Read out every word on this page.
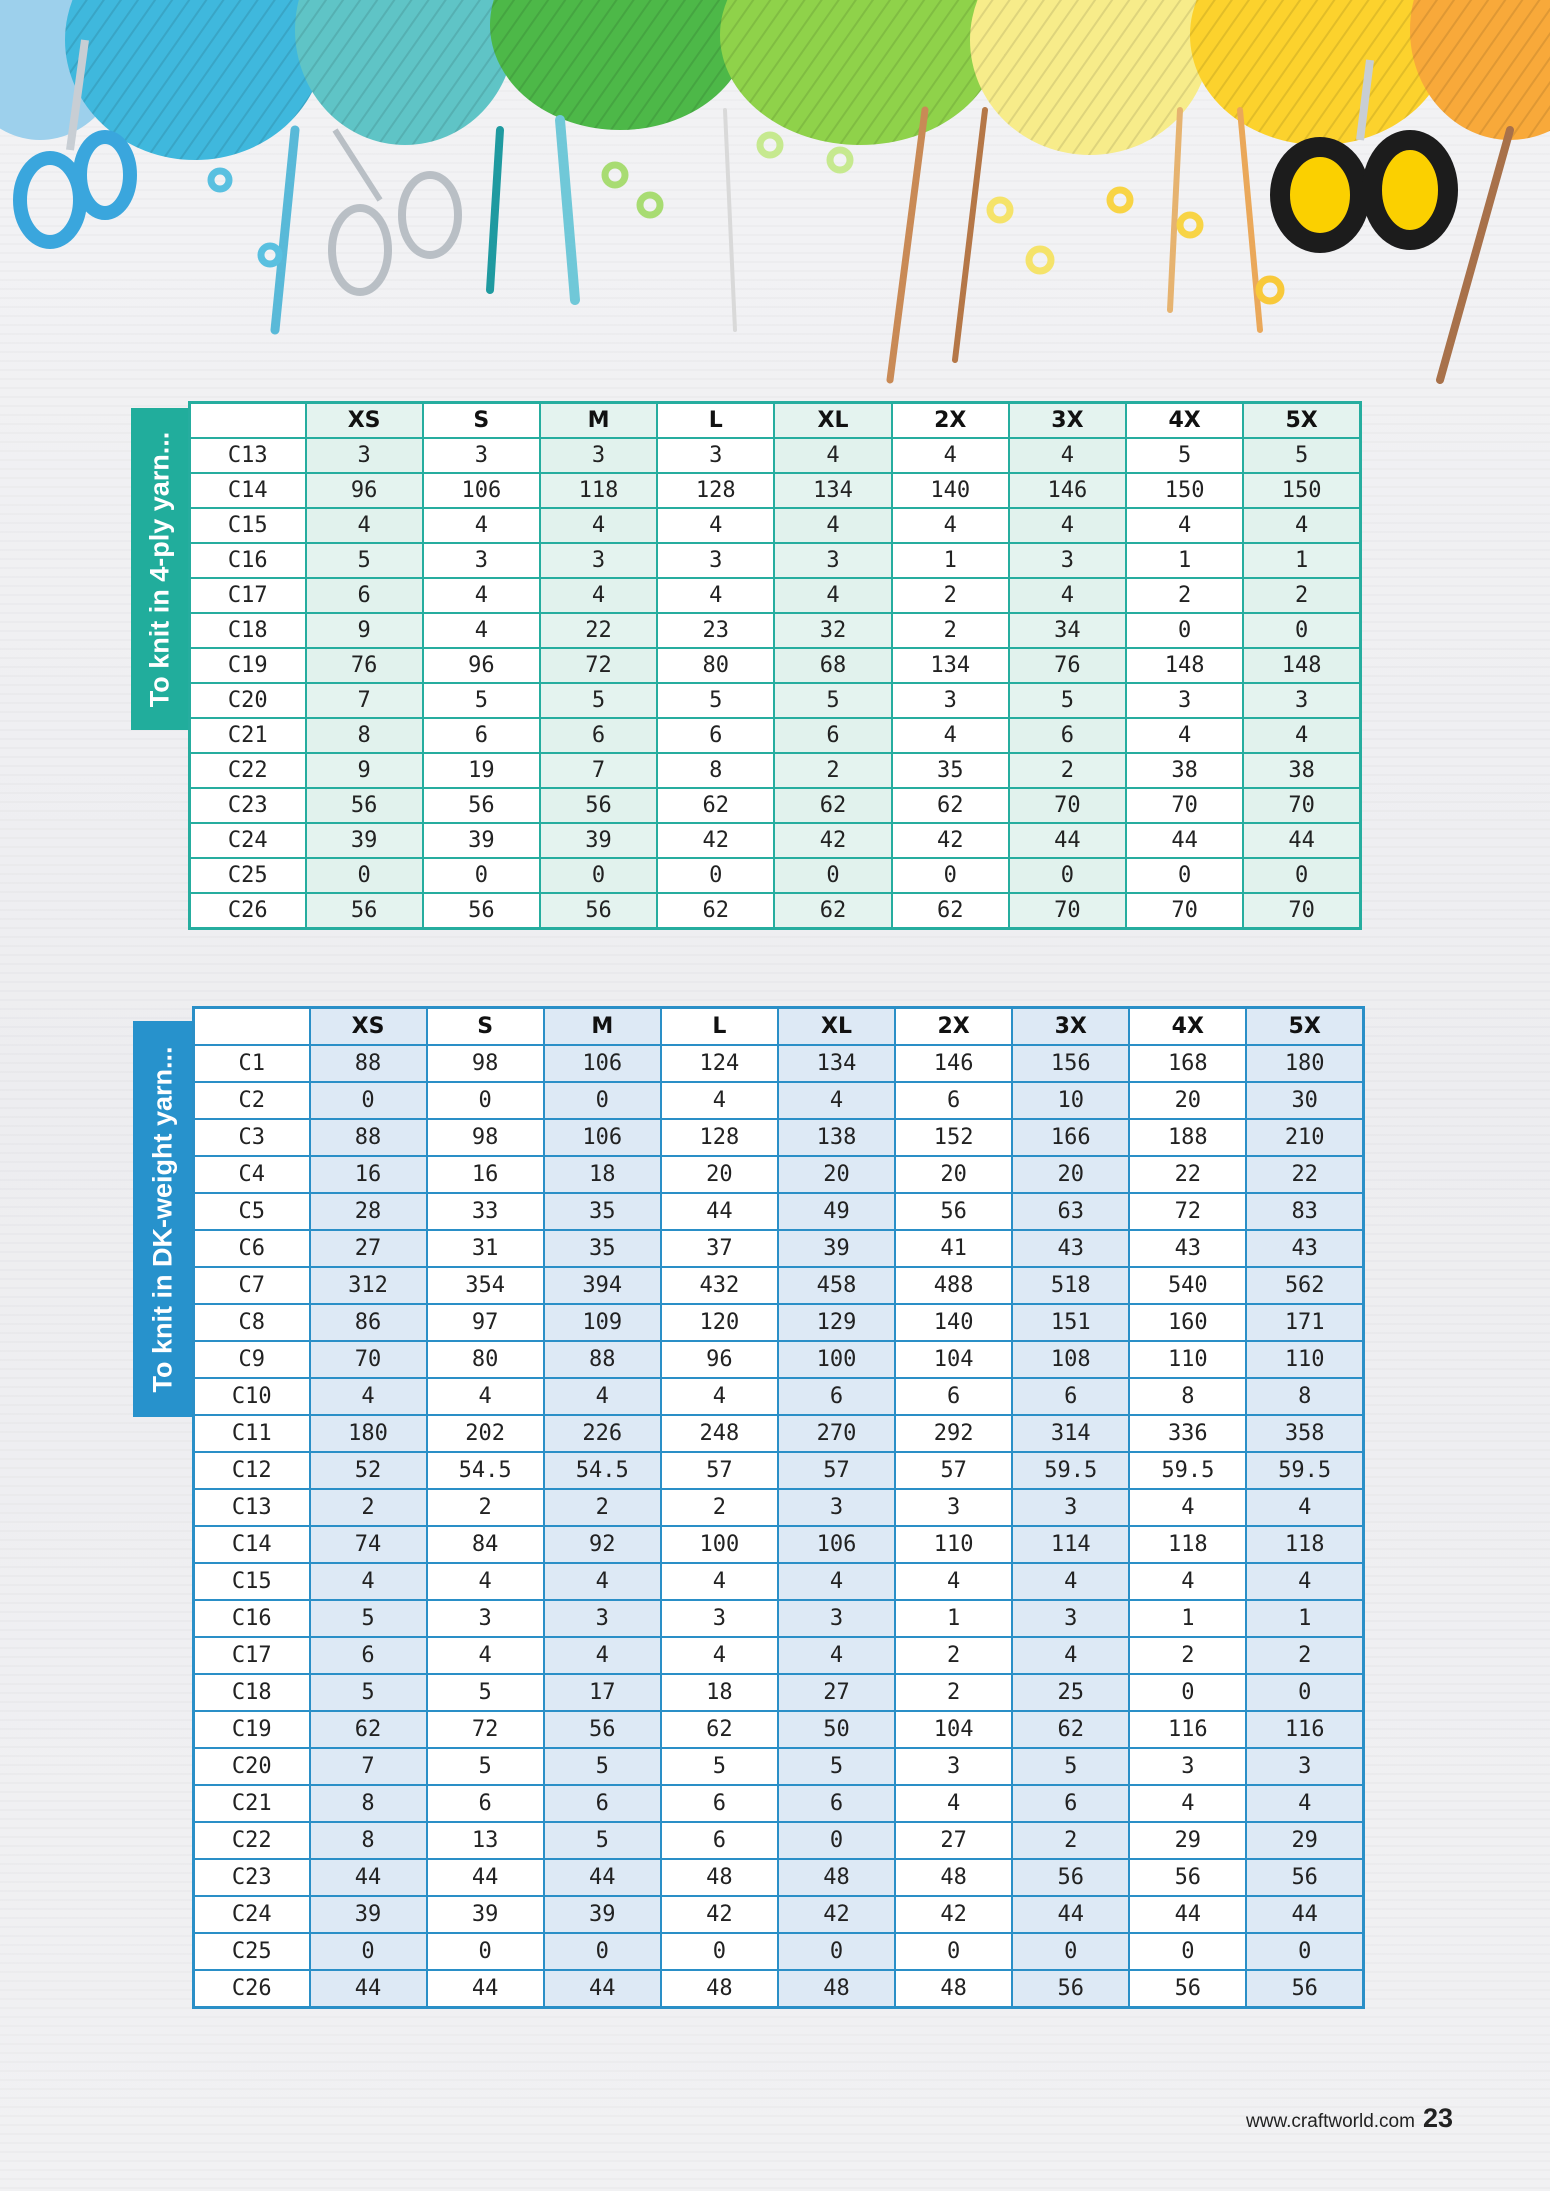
To knit in 4-ply yarn...
To knit in DK-weight yarn...
	XS	S	M	L	XL	2X	3X	4X	5X
C13	3	3	3	3	4	4	4	5	5
C14	96	106	118	128	134	140	146	150	150
C15	4	4	4	4	4	4	4	4	4
C16	5	3	3	3	3	1	3	1	1
C17	6	4	4	4	4	2	4	2	2
C18	9	4	22	23	32	2	34	0	0
C19	76	96	72	80	68	134	76	148	148
C20	7	5	5	5	5	3	5	3	3
C21	8	6	6	6	6	4	6	4	4
C22	9	19	7	8	2	35	2	38	38
C23	56	56	56	62	62	62	70	70	70
C24	39	39	39	42	42	42	44	44	44
C25	0	0	0	0	0	0	0	0	0
C26	56	56	56	62	62	62	70	70	70
	XS	S	M	L	XL	2X	3X	4X	5X
C1	88	98	106	124	134	146	156	168	180
C2	0	0	0	4	4	6	10	20	30
C3	88	98	106	128	138	152	166	188	210
C4	16	16	18	20	20	20	20	22	22
C5	28	33	35	44	49	56	63	72	83
C6	27	31	35	37	39	41	43	43	43
C7	312	354	394	432	458	488	518	540	562
C8	86	97	109	120	129	140	151	160	171
C9	70	80	88	96	100	104	108	110	110
C10	4	4	4	4	6	6	6	8	8
C11	180	202	226	248	270	292	314	336	358
C12	52	54.5	54.5	57	57	57	59.5	59.5	59.5
C13	2	2	2	2	3	3	3	4	4
C14	74	84	92	100	106	110	114	118	118
C15	4	4	4	4	4	4	4	4	4
C16	5	3	3	3	3	1	3	1	1
C17	6	4	4	4	4	2	4	2	2
C18	5	5	17	18	27	2	25	0	0
C19	62	72	56	62	50	104	62	116	116
C20	7	5	5	5	5	3	5	3	3
C21	8	6	6	6	6	4	6	4	4
C22	8	13	5	6	0	27	2	29	29
C23	44	44	44	48	48	48	56	56	56
C24	39	39	39	42	42	42	44	44	44
C25	0	0	0	0	0	0	0	0	0
C26	44	44	44	48	48	48	56	56	56
www.craftworld.com 23
